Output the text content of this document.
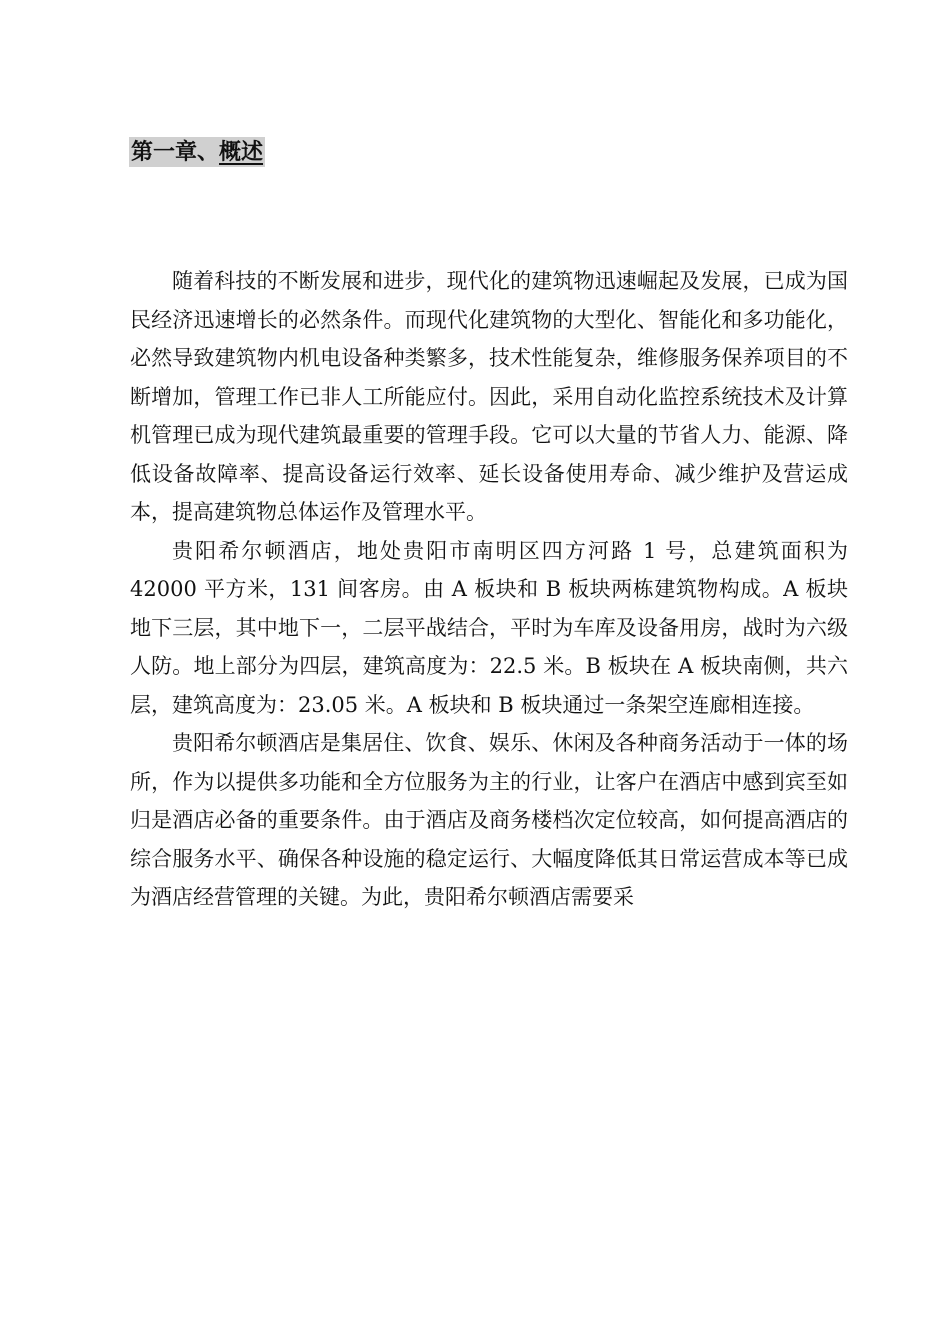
第一章、概述

随着科技的不断发展和进步，现代化的建筑物迅速崛起及发展，已成为国民经济迅速增长的必然条件。而现代化建筑物的大型化、智能化和多功能化，必然导致建筑物内机电设备种类繁多，技术性能复杂，维修服务保养项目的不断增加，管理工作已非人工所能应付。因此，采用自动化监控系统技术及计算机管理已成为现代建筑最重要的管理手段。它可以大量的节省人力、能源、降低设备故障率、提高设备运行效率、延长设备使用寿命、减少维护及营运成本，提高建筑物总体运作及管理水平。

贵阳希尔顿酒店，地处贵阳市南明区四方河路 1 号，总建筑面积为 42000 平方米，131 间客房。由 A 板块和 B 板块两栋建筑物构成。A 板块地下三层，其中地下一，二层平战结合，平时为车库及设备用房，战时为六级人防。地上部分为四层，建筑高度为：22.5 米。B 板块在 A 板块南侧，共六层，建筑高度为：23.05 米。A 板块和 B 板块通过一条架空连廊相连接。

贵阳希尔顿酒店是集居住、饮食、娱乐、休闲及各种商务活动于一体的场所，作为以提供多功能和全方位服务为主的行业，让客户在酒店中感到宾至如归是酒店必备的重要条件。由于酒店及商务楼档次定位较高，如何提高酒店的综合服务水平、确保各种设施的稳定运行、大幅度降低其日常运营成本等已成为酒店经营管理的关键。为此，贵阳希尔顿酒店需要采
